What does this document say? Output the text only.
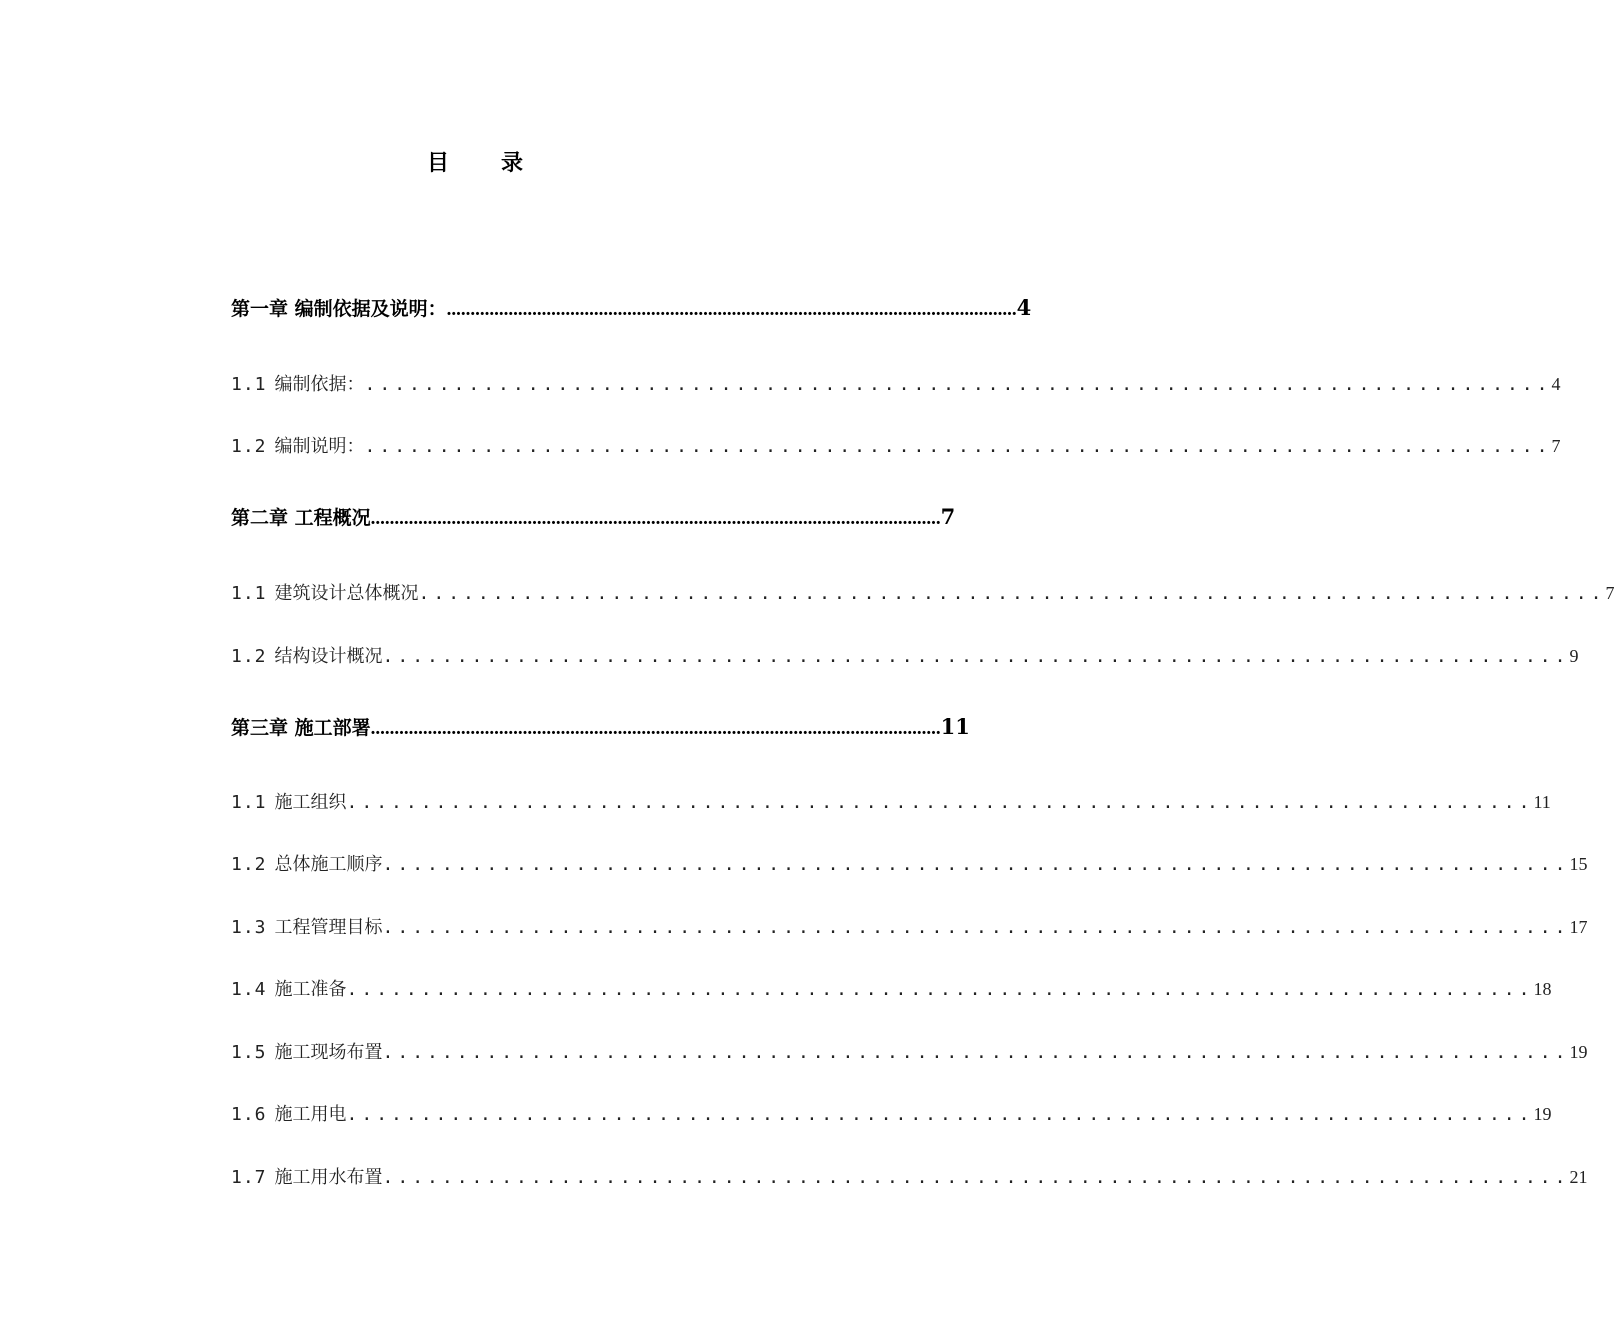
目 录
第一章 编制依据及说明： ........................................................................................................................ 4
1.1 编制依据： ................................................................................ 4
1.2 编制说明： ................................................................................ 7
第二章 工程概况 ........................................................................................................................ 7
1.1 建筑设计总体概况 ................................................................................ 7
1.2 结构设计概况 ................................................................................ 9
第三章 施工部署 ........................................................................................................................ 11
1.1 施工组织 ................................................................................ 11
1.2 总体施工顺序 ................................................................................ 15
1.3 工程管理目标 ................................................................................ 17
1.4 施工准备 ................................................................................ 18
1.5 施工现场布置 ................................................................................ 19
1.6 施工用电 ................................................................................ 19
1.7 施工用水布置 ................................................................................ 21
